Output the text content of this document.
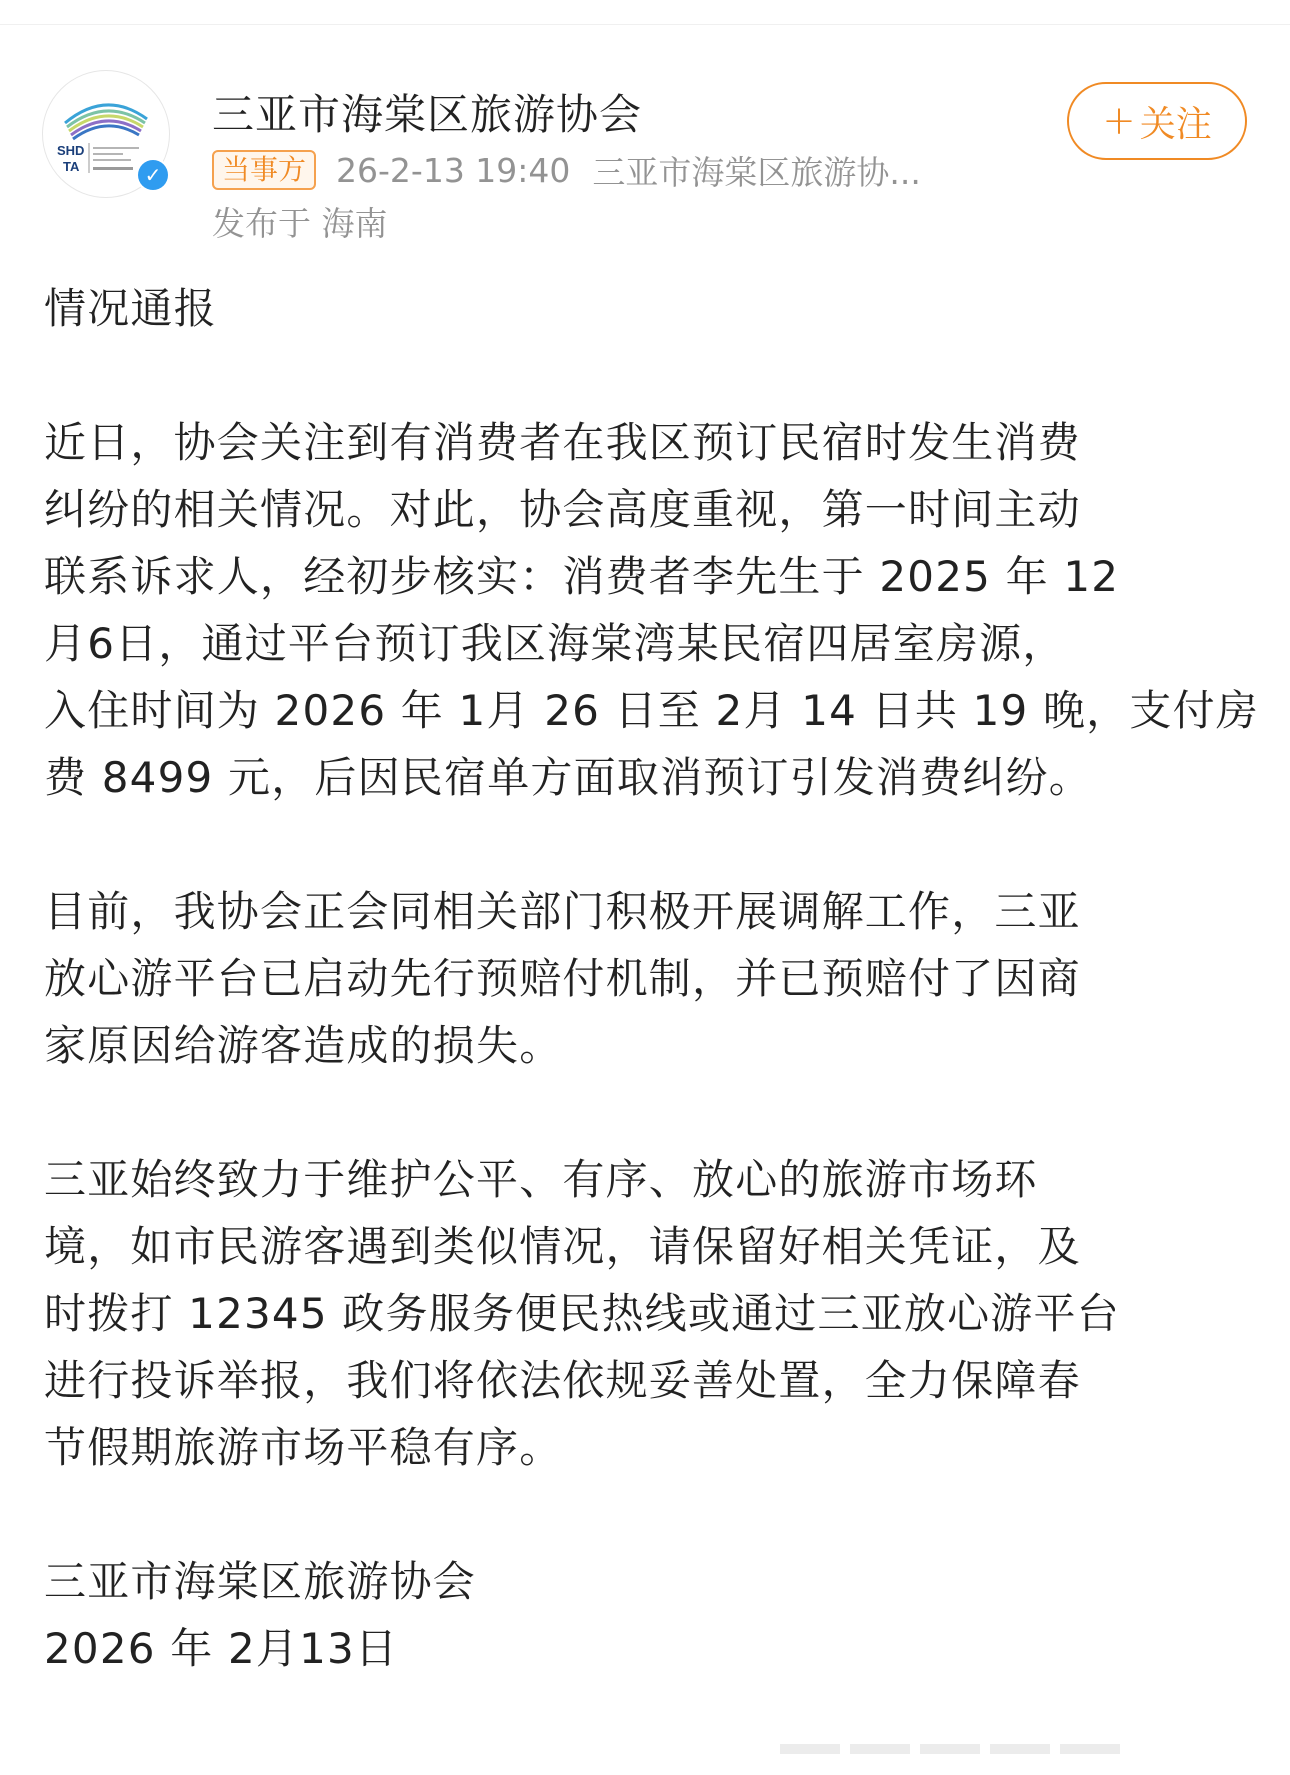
SHD
TA	✓
三亚市海棠区旅游协会
当事方 26-2-13 19:40 三亚市海棠区旅游协...
发布于 海南
+ 关注
情况通报
近日，协会关注到有消费者在我区预订民宿时发生消费
纠纷的相关情况。对此，协会高度重视，第一时间主动
联系诉求人，经初步核实：消费者李先生于 2025 年 12
月6日，通过平台预订我区海棠湾某民宿四居室房源，
入住时间为 2026 年 1月 26 日至 2月 14 日共 19 晚，支付房
费 8499 元，后因民宿单方面取消预订引发消费纠纷。
目前，我协会正会同相关部门积极开展调解工作，三亚
放心游平台已启动先行预赔付机制，并已预赔付了因商
家原因给游客造成的损失。
三亚始终致力于维护公平、有序、放心的旅游市场环
境，如市民游客遇到类似情况，请保留好相关凭证，及
时拨打 12345 政务服务便民热线或通过三亚放心游平台
进行投诉举报，我们将依法依规妥善处置，全力保障春
节假期旅游市场平稳有序。
三亚市海棠区旅游协会
2026 年 2月13日
